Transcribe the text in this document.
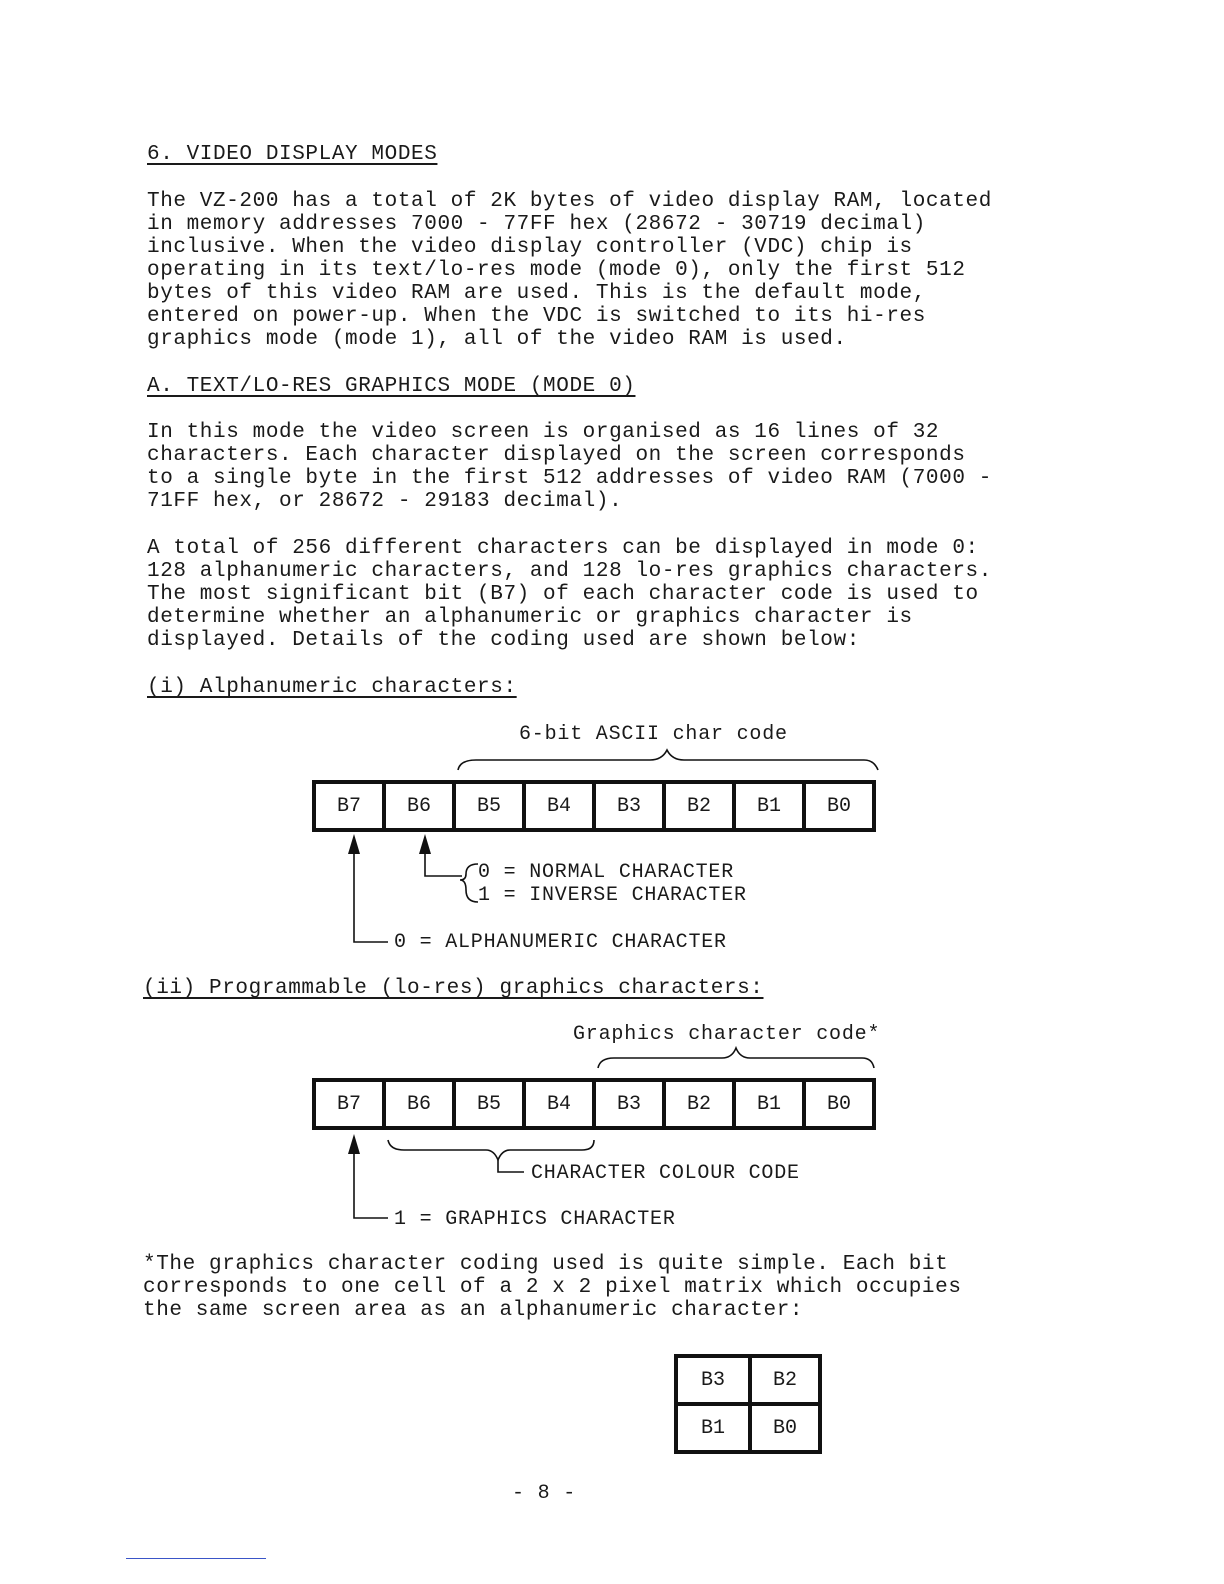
6. VIDEO DISPLAY MODES
The VZ-200 has a total of 2K bytes of video display RAM, located
in memory addresses 7000 - 77FF hex (28672 - 30719 decimal)
inclusive. When the video display controller (VDC) chip is
operating in its text/lo-res mode (mode 0), only the first 512
bytes of this video RAM are used. This is the default mode,
entered on power-up. When the VDC is switched to its hi-res
graphics mode (mode 1), all of the video RAM is used.
A. TEXT/LO-RES GRAPHICS MODE (MODE 0)
In this mode the video screen is organised as 16 lines of 32
characters. Each character displayed on the screen corresponds
to a single byte in the first 512 addresses of video RAM (7000 -
71FF hex, or 28672 - 29183 decimal).
A total of 256 different characters can be displayed in mode 0:
128 alphanumeric characters, and 128 lo-res graphics characters.
The most significant bit (B7) of each character code is used to
determine whether an alphanumeric or graphics character is
displayed. Details of the coding used are shown below:
(i) Alphanumeric characters:
6-bit ASCII char code
B7	B6	B5	B4	B3	B2	B1	B0
0 = NORMAL CHARACTER
1 = INVERSE CHARACTER
0 = ALPHANUMERIC CHARACTER
(ii) Programmable (lo-res) graphics characters:
Graphics character code*
B7	B6	B5	B4	B3	B2	B1	B0
CHARACTER COLOUR CODE
1 = GRAPHICS CHARACTER
*The graphics character coding used is quite simple. Each bit
corresponds to one cell of a 2 x 2 pixel matrix which occupies
the same screen area as an alphanumeric character:
B3	B2
B1	B0
- 8 -
